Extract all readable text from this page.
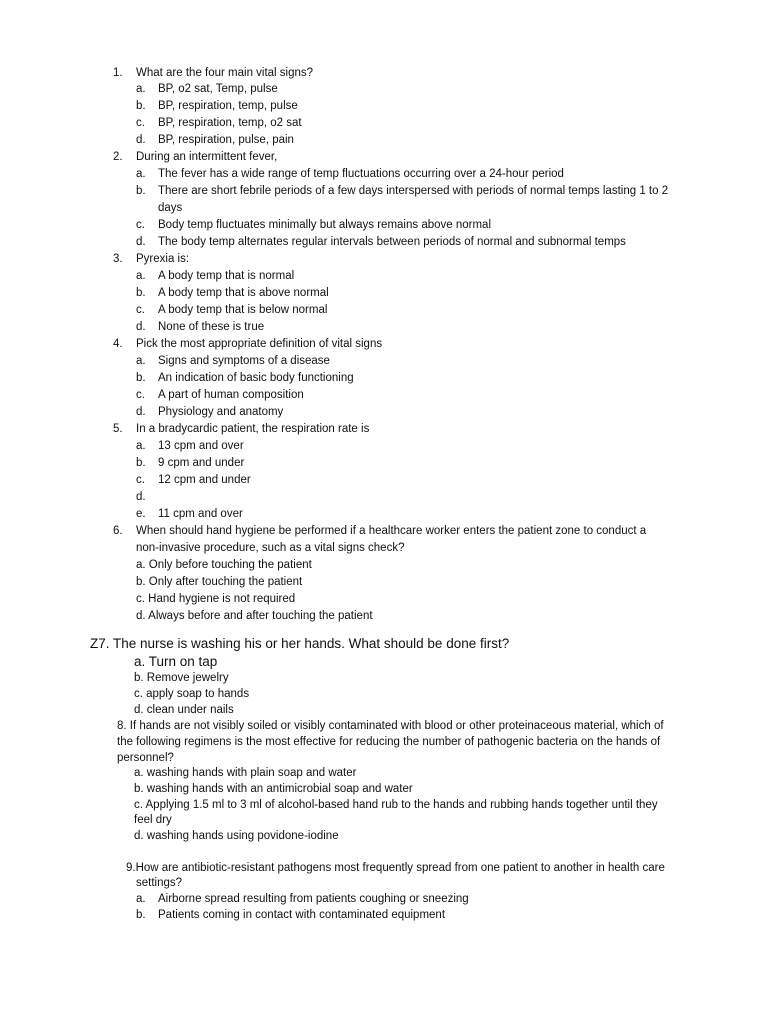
1. What are the four main vital signs?
a. BP, o2 sat, Temp, pulse
b. BP, respiration, temp, pulse
c. BP, respiration, temp, o2 sat
d. BP, respiration, pulse, pain
2. During an intermittent fever,
a. The fever has a wide range of temp fluctuations occurring over a 24-hour period
b. There are short febrile periods of a few days interspersed with periods of normal temps lasting 1 to 2
days
c. Body temp fluctuates minimally but always remains above normal
d. The body temp alternates regular intervals between periods of normal and subnormal temps
3. Pyrexia is:
a. A body temp that is normal
b. A body temp that is above normal
c. A body temp that is below normal
d. None of these is true
4. Pick the most appropriate definition of vital signs
a. Signs and symptoms of a disease
b. An indication of basic body functioning
c. A part of human composition
d. Physiology and anatomy
5. In a bradycardic patient, the respiration rate is
a. 13 cpm and over
b. 9 cpm and under
c. 12 cpm and under
d.
e. 11 cpm and over
6. When should hand hygiene be performed if a healthcare worker enters the patient zone to conduct a
non-invasive procedure, such as a vital signs check?
a. Only before touching the patient
b. Only after touching the patient
c. Hand hygiene is not required
d. Always before and after touching the patient
Z7. The nurse is washing his or her hands. What should be done first?
a. Turn on tap
b. Remove jewelry
c. apply soap to hands
d. clean under nails
8. If hands are not visibly soiled or visibly contaminated with blood or other proteinaceous material, which of
the following regimens is the most effective for reducing the number of pathogenic bacteria on the hands of
personnel?
a. washing hands with plain soap and water
b. washing hands with an antimicrobial soap and water
c. Applying 1.5 ml to 3 ml of alcohol-based hand rub to the hands and rubbing hands together until they
feel dry
d. washing hands using povidone-iodine
9.How are antibiotic-resistant pathogens most frequently spread from one patient to another in health care
settings?
a. Airborne spread resulting from patients coughing or sneezing
b. Patients coming in contact with contaminated equipment
